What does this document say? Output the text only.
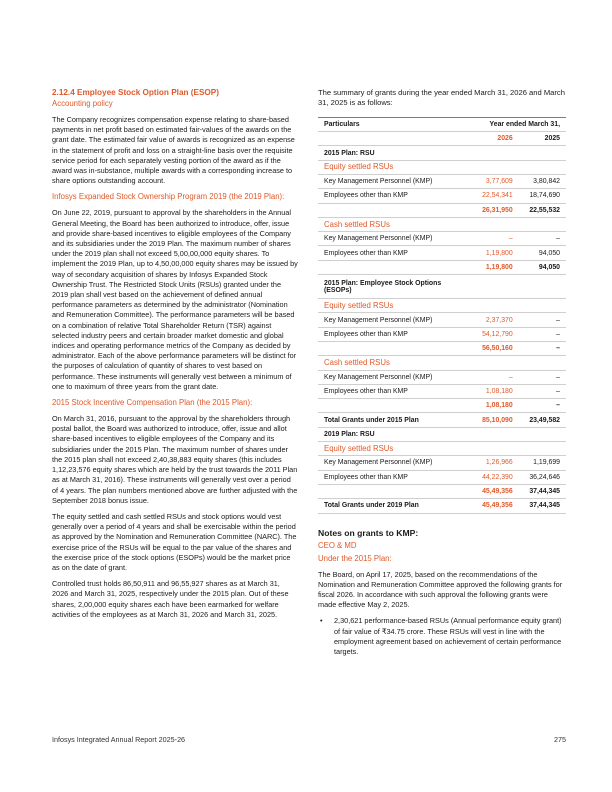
2.12.4 Employee Stock Option Plan (ESOP)

Accounting policy

The Company recognizes compensation expense relating to share-based payments in net profit based on estimated fair-values of the awards on the grant date. The estimated fair value of awards is recognized as an expense in the statement of profit and loss on a straight-line basis over the requisite service period for each separately vesting portion of the award as if the award was in-substance, multiple awards with a corresponding increase to share options outstanding account.

Infosys Expanded Stock Ownership Program 2019 (the 2019 Plan):

On June 22, 2019, pursuant to approval by the shareholders in the Annual General Meeting, the Board has been authorized to introduce, offer, issue and provide share-based incentives to eligible employees of the Company and its subsidiaries under the 2019 Plan. The maximum number of shares under the 2019 plan shall not exceed 5,00,00,000 equity shares. To implement the 2019 Plan, up to 4,50,00,000 equity shares may be issued by way of secondary acquisition of shares by Infosys Expanded Stock Ownership Trust. The Restricted Stock Units (RSUs) granted under the 2019 plan shall vest based on the achievement of defined annual performance parameters as determined by the administrator (Nomination and Remuneration Committee). The performance parameters will be based on a combination of relative Total Shareholder Return (TSR) against selected industry peers and certain broader market domestic and global indices and operating performance metrics of the Company as decided by administrator. Each of the above performance parameters will be distinct for the purposes of calculation of quantity of shares to vest based on performance. These instruments will generally vest between a minimum of one to maximum of three years from the grant date.

2015 Stock Incentive Compensation Plan (the 2015 Plan):

On March 31, 2016, pursuant to the approval by the shareholders through postal ballot, the Board was authorized to introduce, offer, issue and allot share-based incentives to eligible employees of the Company and its subsidiaries under the 2015 Plan. The maximum number of shares under the 2015 plan shall not exceed 2,40,38,883 equity shares (this includes 1,12,23,576 equity shares which are held by the trust towards the 2011 Plan as at March 31, 2016). These instruments will generally vest over a period of 4 years. The plan numbers mentioned above are further adjusted with the September 2018 bonus issue.

The equity settled and cash settled RSUs and stock options would vest generally over a period of 4 years and shall be exercisable within the period as approved by the Nomination and Remuneration Committee (NARC). The exercise price of the RSUs will be equal to the par value of the shares and the exercise price of the stock options (ESOPs) would be the market price as on the date of grant.

Controlled trust holds 86,50,911 and 96,55,927 shares as at March 31, 2026 and March 31, 2025, respectively under the 2015 plan. Out of these shares, 2,00,000 equity shares each have been earmarked for welfare activities of the employees as at March 31, 2026 and March 31, 2025.

The summary of grants during the year ended March 31, 2026 and March 31, 2025 is as follows:

Particulars	Year ended March 31,	
	2026	2025
2015 Plan: RSU		
Equity settled RSUs		
Key Management Personnel (KMP)	3,77,609	3,80,842
Employees other than KMP	22,54,341	18,74,690
	26,31,950	22,55,532
Cash settled RSUs		
Key Management Personnel (KMP)	–	–
Employees other than KMP	1,19,800	94,050
	1,19,800	94,050
2015 Plan: Employee Stock Options (ESOPs)		
Equity settled RSUs		
Key Management Personnel (KMP)	2,37,370	–
Employees other than KMP	54,12,790	–
	56,50,160	–
Cash settled RSUs		
Key Management Personnel (KMP)	–	–
Employees other than KMP	1,08,180	–
	1,08,180	–
Total Grants under 2015 Plan	85,10,090	23,49,582
2019 Plan: RSU		
Equity settled RSUs		
Key Management Personnel (KMP)	1,26,966	1,19,699
Employees other than KMP	44,22,390	36,24,646
	45,49,356	37,44,345
Total Grants under 2019 Plan	45,49,356	37,44,345

Notes on grants to KMP:

CEO & MD

Under the 2015 Plan:

The Board, on April 17, 2025, based on the recommendations of the Nomination and Remuneration Committee approved the following grants for fiscal 2026. In accordance with such approval the following grants were made effective May 2, 2025.

•	2,30,621 performance-based RSUs (Annual performance equity grant) of fair value of ₹34.75 crore. These RSUs will vest in line with the employment agreement based on achievement of certain performance targets.
Infosys Integrated Annual Report 2025-26	275
